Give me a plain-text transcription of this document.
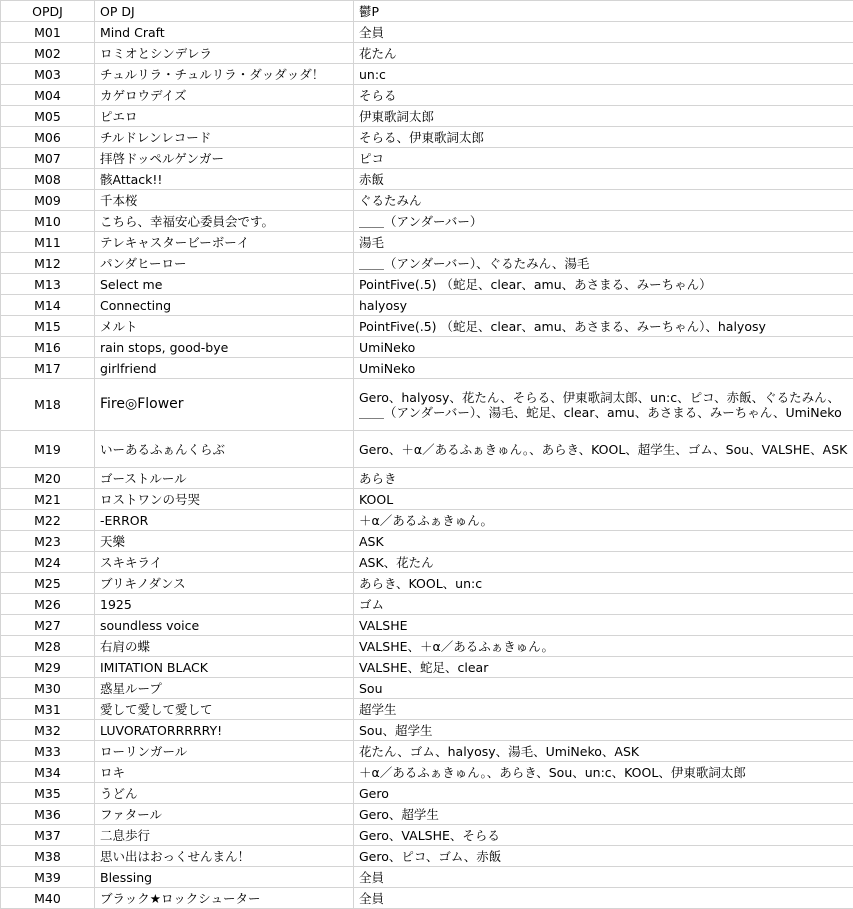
OPDJ	OP DJ	鬱P
M01	Mind Craft	全員
M02	ロミオとシンデレラ	花たん
M03	チュルリラ・チュルリラ・ダッダッダ！	un:c
M04	カゲロウデイズ	そらる
M05	ピエロ	伊東歌詞太郎
M06	チルドレンレコード	そらる、伊東歌詞太郎
M07	拝啓ドッペルゲンガー	ピコ
M08	骸Attack!!	赤飯
M09	千本桜	ぐるたみん
M10	こちら、幸福安心委員会です。	＿＿（アンダーバー）
M11	テレキャスタービーボーイ	湯毛
M12	パンダヒーロー	＿＿（アンダーバー）、ぐるたみん、湯毛
M13	Select me	PointFive(.5) （蛇足、clear、amu、あさまる、みーちゃん）
M14	Connecting	halyosy
M15	メルト	PointFive(.5) （蛇足、clear、amu、あさまる、みーちゃん）、halyosy
M16	rain stops, good-bye	UmiNeko
M17	girlfriend	UmiNeko
M18	Fire◎Flower	Gero、halyosy、花たん、そらる、伊東歌詞太郎、un:c、ピコ、赤飯、ぐるたみん、＿＿（アンダーバー）、湯毛、蛇足、clear、amu、あさまる、みーちゃん、UmiNeko
M19	いーあるふぁんくらぶ	Gero、＋α／あるふぁきゅん。、あらき、KOOL、超学生、ゴム、Sou、VALSHE、ASK
M20	ゴーストルール	あらき
M21	ロストワンの号哭	KOOL
M22	-ERROR	＋α／あるふぁきゅん。
M23	天樂	ASK
M24	スキキライ	ASK、花たん
M25	ブリキノダンス	あらき、KOOL、un:c
M26	1925	ゴム
M27	soundless voice	VALSHE
M28	右肩の蝶	VALSHE、＋α／あるふぁきゅん。
M29	IMITATION BLACK	VALSHE、蛇足、clear
M30	惑星ループ	Sou
M31	愛して愛して愛して	超学生
M32	LUVORATORRRRRY!	Sou、超学生
M33	ローリンガール	花たん、ゴム、halyosy、湯毛、UmiNeko、ASK
M34	ロキ	＋α／あるふぁきゅん。、あらき、Sou、un:c、KOOL、伊東歌詞太郎
M35	うどん	Gero
M36	ファタール	Gero、超学生
M37	二息歩行	Gero、VALSHE、そらる
M38	思い出はおっくせんまん！	Gero、ピコ、ゴム、赤飯
M39	Blessing	全員
M40	ブラック★ロックシューター	全員
